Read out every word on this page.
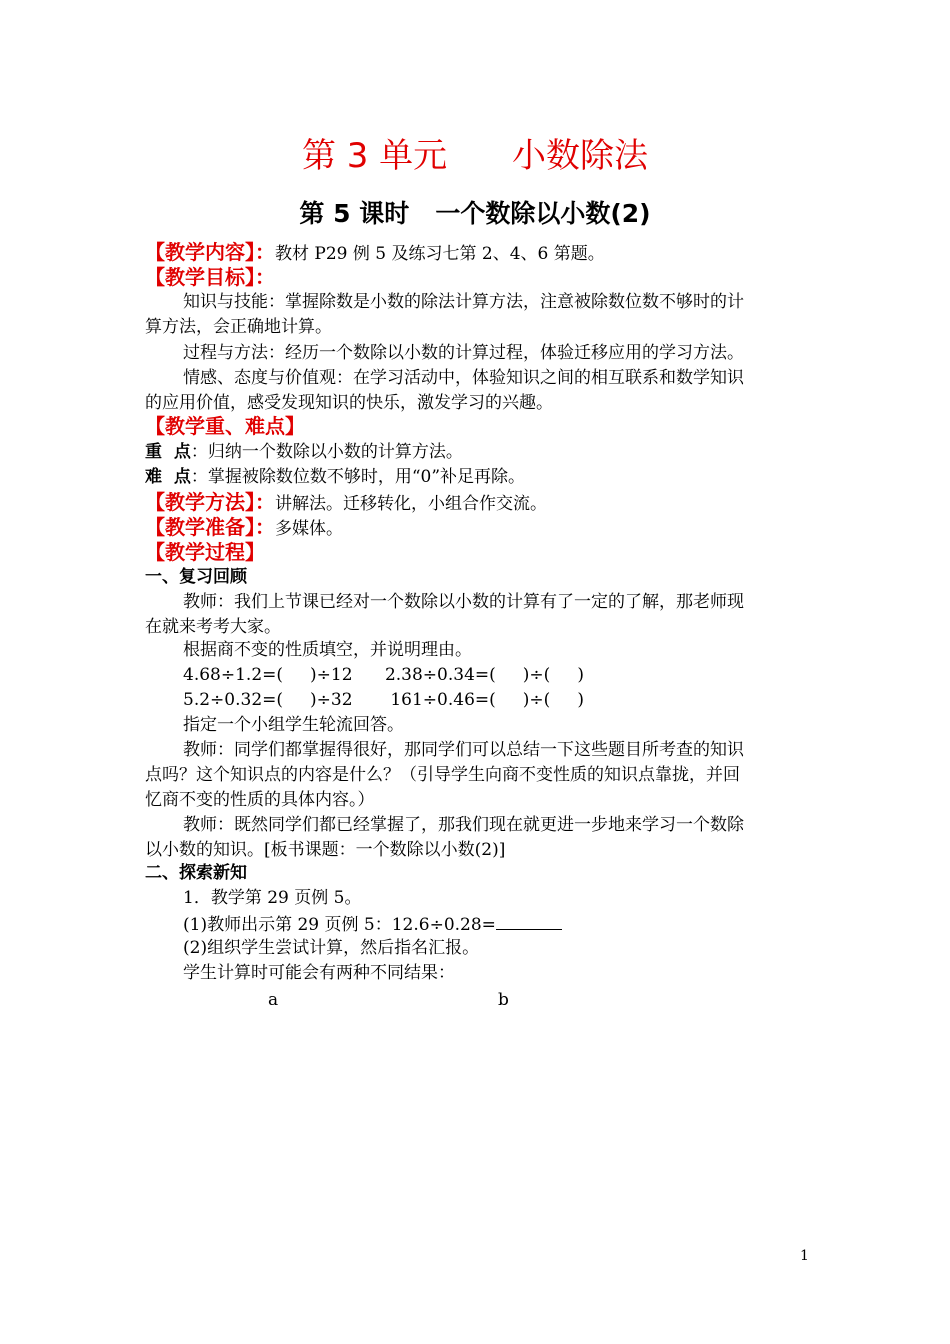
第 3 单元 小数除法
第 5 课时 一个数除以小数(2)
【教学内容】：教材 P29 例 5 及练习七第 2、4、6 第题。
【教学目标】：
知识与技能：掌握除数是小数的除法计算方法，注意被除数位数不够时的计
算方法，会正确地计算。
过程与方法：经历一个数除以小数的计算过程，体验迁移应用的学习方法。
情感、态度与价值观：在学习活动中，体验知识之间的相互联系和数学知识
的应用价值，感受发现知识的快乐，激发学习的兴趣。
【教学重、难点】
重  点：归纳一个数除以小数的计算方法。
难  点：掌握被除数位数不够时，用“0”补足再除。
【教学方法】：讲解法。迁移转化，小组合作交流。
【教学准备】：多媒体。
【教学过程】
一、复习回顾
教师：我们上节课已经对一个数除以小数的计算有了一定的了解，那老师现
在就来考考大家。
根据商不变的性质填空，并说明理由。
4.68÷1.2=(     )÷12      2.38÷0.34=(     )÷(     )
5.2÷0.32=(     )÷32       161÷0.46=(     )÷(     )
指定一个小组学生轮流回答。
教师：同学们都掌握得很好，那同学们可以总结一下这些题目所考查的知识
点吗？这个知识点的内容是什么？（引导学生向商不变性质的知识点靠拢，并回
忆商不变的性质的具体内容。）
教师：既然同学们都已经掌握了，那我们现在就更进一步地来学习一个数除
以小数的知识。[板书课题：一个数除以小数(2)]
二、探索新知
1．教学第 29 页例 5。
(1)教师出示第 29 页例 5：12.6÷0.28=
(2)组织学生尝试计算，然后指名汇报。
学生计算时可能会有两种不同结果：
a	b
1
